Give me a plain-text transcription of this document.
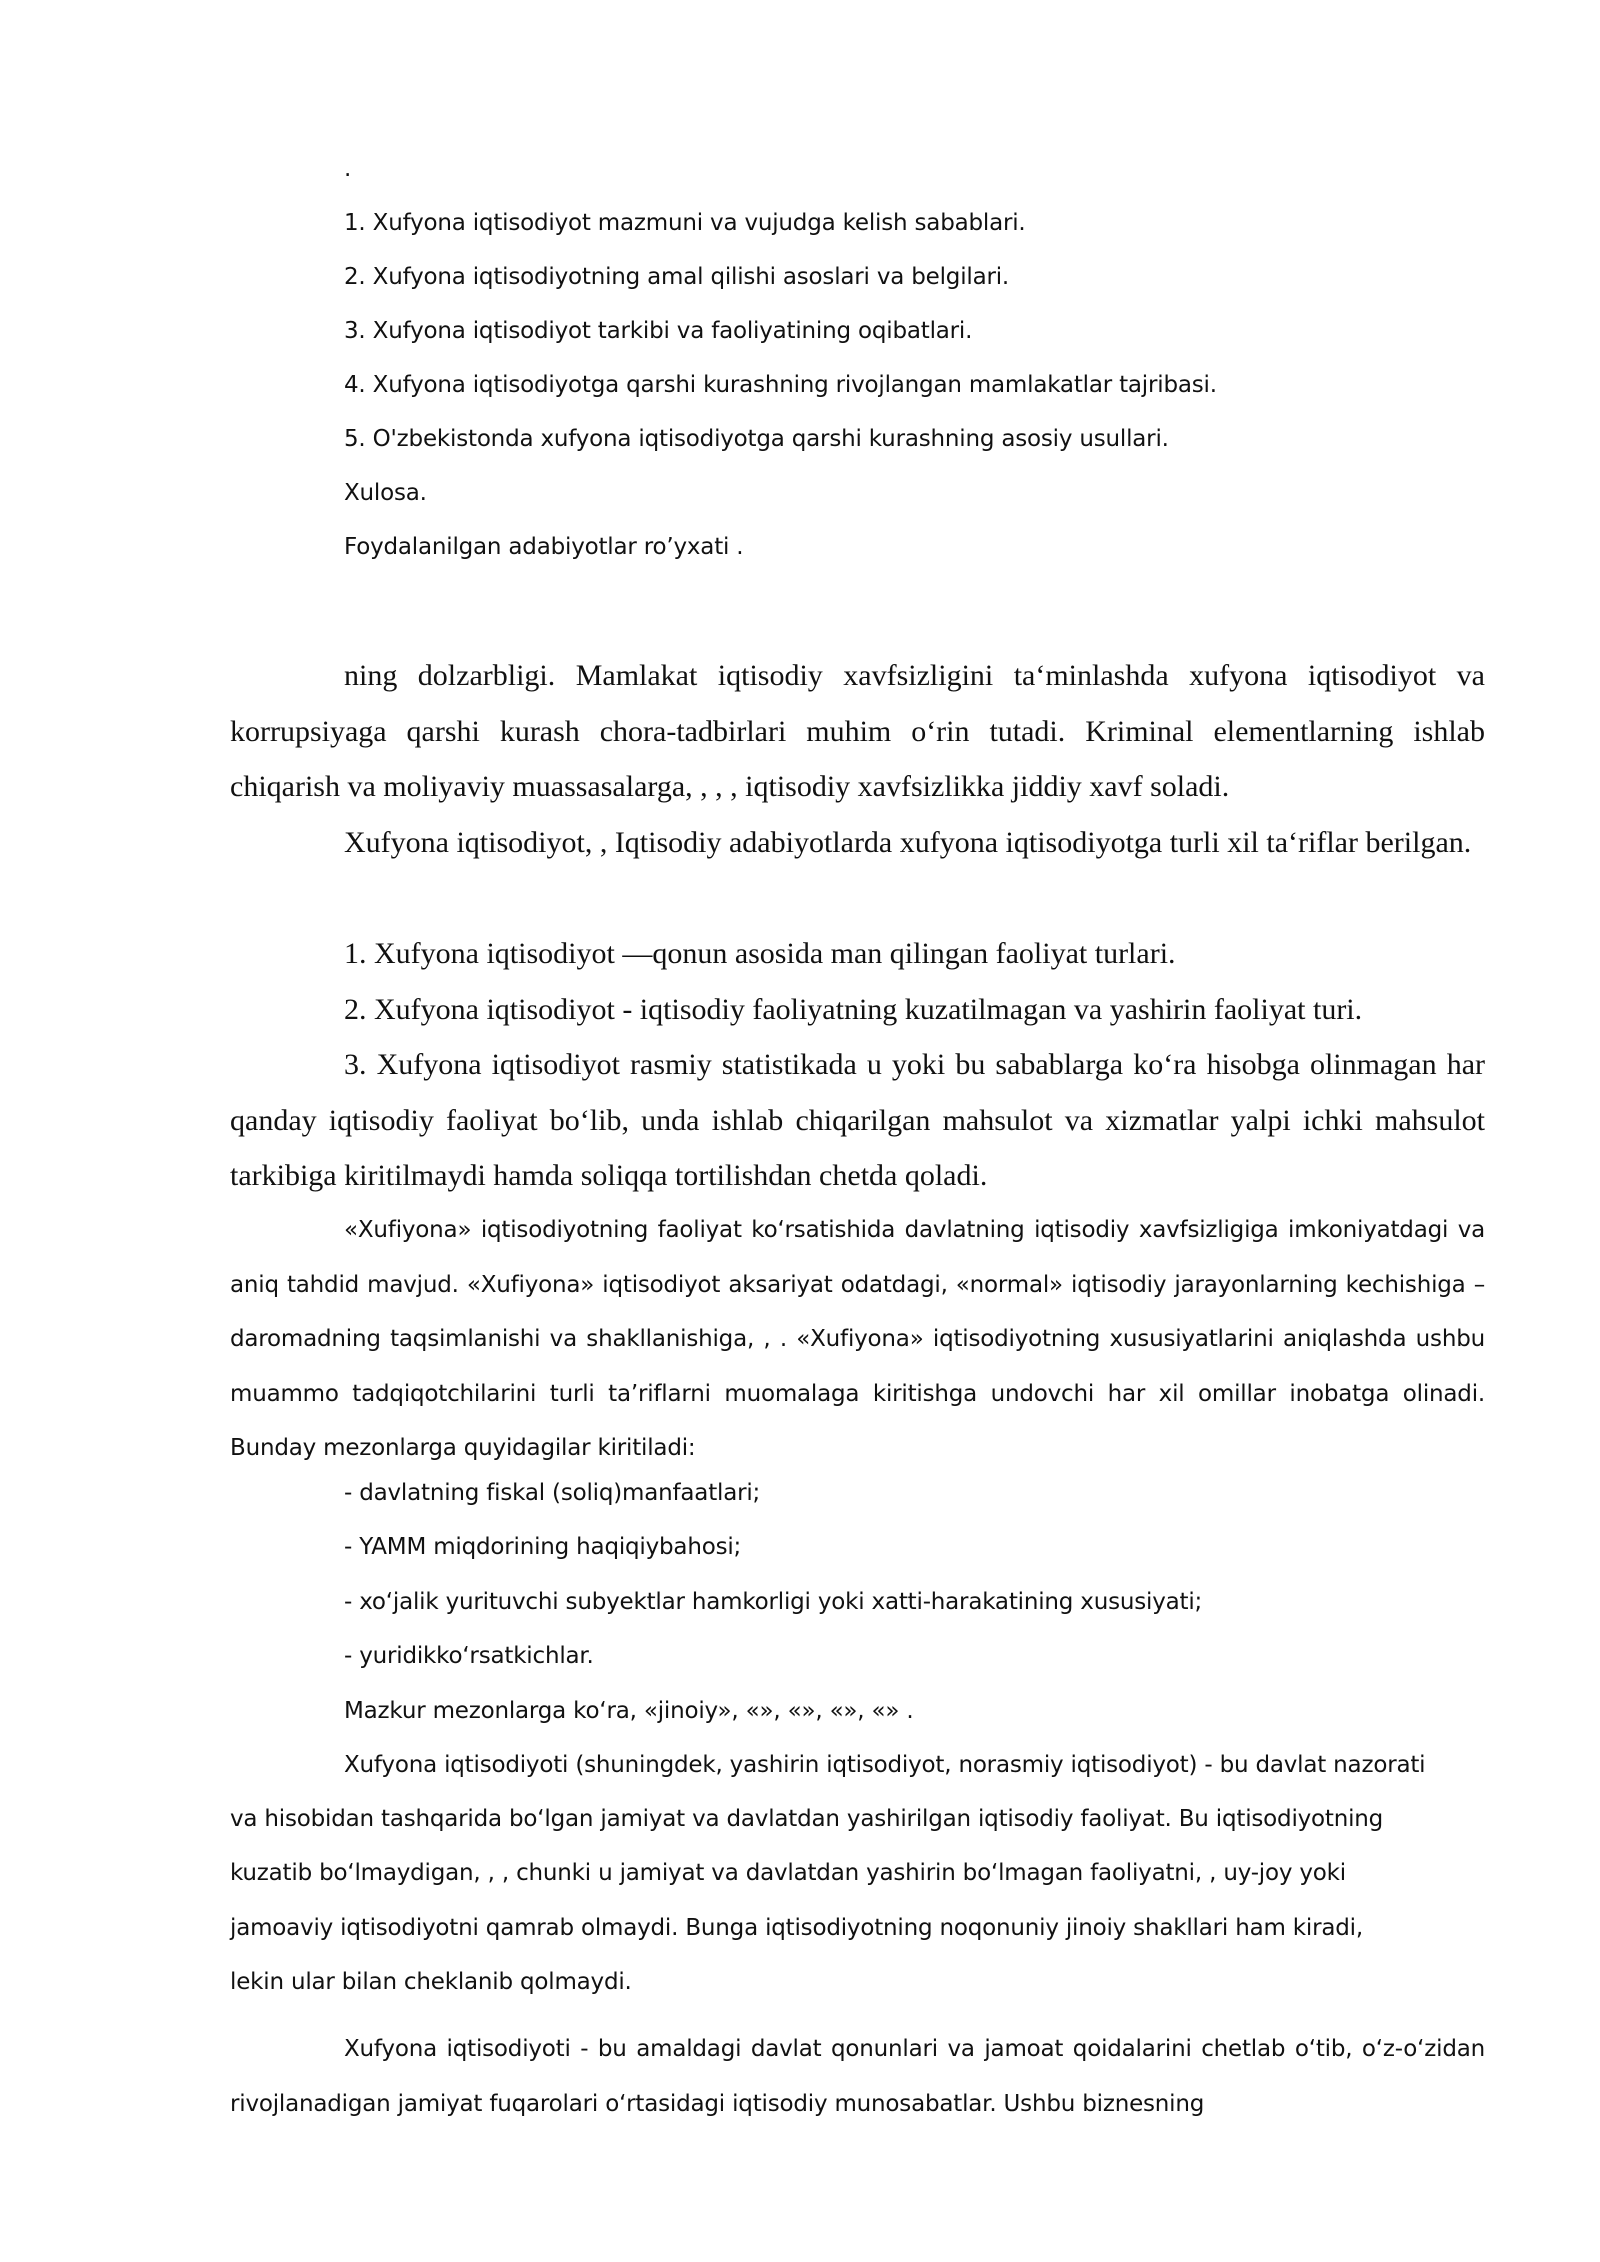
.
1. Xufyona iqtisodiyot mazmuni va vujudga kelish sabablari.
2. Xufyona iqtisodiyotning amal qilishi asoslari va belgilari.
3. Xufyona iqtisodiyot tarkibi va faoliyatining oqibatlari.
4. Xufyona iqtisodiyotga qarshi kurashning rivojlangan mamlakatlar tajribasi.
5. O'zbekistonda xufyona iqtisodiyotga qarshi kurashning asosiy usullari.
Xulosa.
Foydalanilgan adabiyotlar ro’yxati .
ning dolzarbligi. Mamlakat iqtisodiy xavfsizligini ta‘minlashda xufyona iqtisodiyot va korrupsiyaga qarshi kurash chora-tadbirlari muhim o‘rin tutadi. Kriminal elementlarning ishlab chiqarish va moliyaviy muassasalarga, , , , iqtisodiy xavfsizlikka jiddiy xavf soladi.
Xufyona iqtisodiyot, , Iqtisodiy adabiyotlarda xufyona iqtisodiyotga turli xil ta‘riflar berilgan.
1. Xufyona iqtisodiyot —qonun asosida man qilingan faoliyat turlari.
2. Xufyona iqtisodiyot - iqtisodiy faoliyatning kuzatilmagan va yashirin faoliyat turi.
3. Xufyona iqtisodiyot rasmiy statistikada u yoki bu sabablarga ko‘ra hisobga olinmagan har qanday iqtisodiy faoliyat bo‘lib, unda ishlab chiqarilgan mahsulot va xizmatlar yalpi ichki mahsulot tarkibiga kiritilmaydi hamda soliqqa tortilishdan chetda qoladi.
«Xufiyona» iqtisodiyotning faoliyat ko‘rsatishida davlatning iqtisodiy xavfsizligiga imkoniyatdagi va aniq tahdid mavjud. «Xufiyona» iqtisodiyot aksariyat odatdagi, «normal» iqtisodiy jarayonlarning kechishiga – daromadning taqsimlanishi va shakllanishiga, , . «Xufiyona» iqtisodiyotning xususiyatlarini aniqlashda ushbu muammo tadqiqotchilarini turli ta’riflarni muomalaga kiritishga undovchi har xil omillar inobatga olinadi. Bunday mezonlarga quyidagilar kiritiladi:
- davlatning fiskal (soliq)manfaatlari;
- YAMM miqdorining haqiqiybahosi;
- xo‘jalik yurituvchi subyektlar hamkorligi yoki xatti-harakatining xususiyati;
- yuridikko‘rsatkichlar.
Mazkur mezonlarga ko‘ra, «jinoiy», «», «», «», «» .
Xufyona iqtisodiyoti (shuningdek, yashirin iqtisodiyot, norasmiy iqtisodiyot) - bu davlat nazorati
va hisobidan tashqarida bo‘lgan jamiyat va davlatdan yashirilgan iqtisodiy faoliyat. Bu iqtisodiyotning
kuzatib bo‘lmaydigan, , , chunki u jamiyat va davlatdan yashirin bo‘lmagan faoliyatni, , uy-joy yoki
jamoaviy iqtisodiyotni qamrab olmaydi. Bunga iqtisodiyotning noqonuniy jinoiy shakllari ham kiradi,
lekin ular bilan cheklanib qolmaydi.
Xufyona iqtisodiyoti - bu amaldagi davlat qonunlari va jamoat qoidalarini chetlab o‘tib, o‘z-o‘zidan rivojlanadigan jamiyat fuqarolari o‘rtasidagi iqtisodiy munosabatlar. Ushbu biznesning
